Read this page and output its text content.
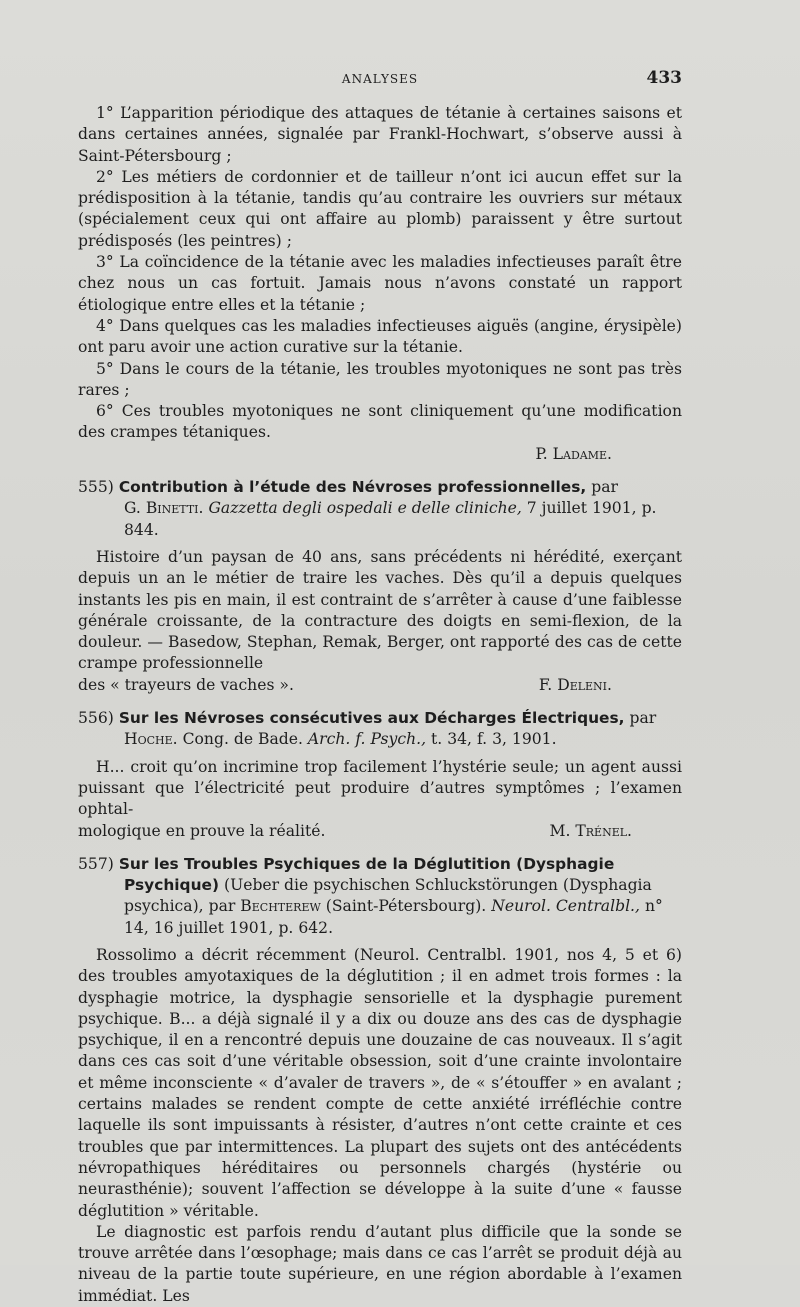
ANALYSES	433

1° L’apparition périodique des attaques de tétanie à certaines saisons et dans certaines années, signalée par Frankl-Hochwart, s’observe aussi à Saint-Pétersbourg ;

2° Les métiers de cordonnier et de tailleur n’ont ici aucun effet sur la prédisposition à la tétanie, tandis qu’au contraire les ouvriers sur métaux (spécialement ceux qui ont affaire au plomb) paraissent y être surtout prédisposés (les peintres) ;

3° La coïncidence de la tétanie avec les maladies infectieuses paraît être chez nous un cas fortuit. Jamais nous n’avons constaté un rapport étiologique entre elles et la tétanie ;

4° Dans quelques cas les maladies infectieuses aiguës (angine, érysipèle) ont paru avoir une action curative sur la tétanie.

5° Dans le cours de la tétanie, les troubles myotoniques ne sont pas très rares ;

6° Ces troubles myotoniques ne sont cliniquement qu’une modification des crampes tétaniques.

P. Ladame.

555) Contribution à l’étude des Névroses professionnelles, par
G. Binetti. Gazzetta degli ospedali e delle cliniche, 7 juillet 1901, p. 844.

Histoire d’un paysan de 40 ans, sans précédents ni hérédité, exerçant depuis un an le métier de traire les vaches. Dès qu’il a depuis quelques instants les pis en main, il est contraint de s’arrêter à cause d’une faiblesse générale croissante, de la contracture des doigts en semi-flexion, de la douleur. — Basedow, Stephan, Remak, Berger, ont rapporté des cas de cette crampe professionnelle

des « trayeurs de vaches ».	F. Deleni.

556) Sur les Névroses consécutives aux Décharges Électriques, par
Hoche. Cong. de Bade. Arch. f. Psych., t. 34, f. 3, 1901.

H... croit qu’on incrimine trop facilement l’hystérie seule; un agent aussi puissant que l’électricité peut produire d’autres symptômes ; l’examen ophtal-

mologique en prouve la réalité.	M. Trénel.

557) Sur les Troubles Psychiques de la Déglutition (Dysphagie Psychique) (Ueber die psychischen Schluckstörungen (Dysphagia psychica), par Bechterew (Saint-Pétersbourg). Neurol. Centralbl., n° 14, 16 juillet 1901, p. 642.

Rossolimo a décrit récemment (Neurol. Centralbl. 1901, nos 4, 5 et 6) des troubles amyotaxiques de la déglutition ; il en admet trois formes : la dysphagie motrice, la dysphagie sensorielle et la dysphagie purement psychique. B... a déjà signalé il y a dix ou douze ans des cas de dysphagie psychique, il en a rencontré depuis une douzaine de cas nouveaux. Il s’agit dans ces cas soit d’une véritable obsession, soit d’une crainte involontaire et même inconsciente « d’avaler de travers », de « s’étouffer » en avalant ; certains malades se rendent compte de cette anxiété irréfléchie contre laquelle ils sont impuissants à résister, d’autres n’ont cette crainte et ces troubles que par intermittences. La plupart des sujets ont des antécédents névropathiques héréditaires ou personnels chargés (hystérie ou neurasthénie); souvent l’affection se développe à la suite d’une « fausse déglutition » véritable.

Le diagnostic est parfois rendu d’autant plus difficile que la sonde se trouve arrêtée dans l’œsophage; mais dans ce cas l’arrêt se produit déjà au niveau de la partie toute supérieure, en une région abordable à l’examen immédiat. Les
